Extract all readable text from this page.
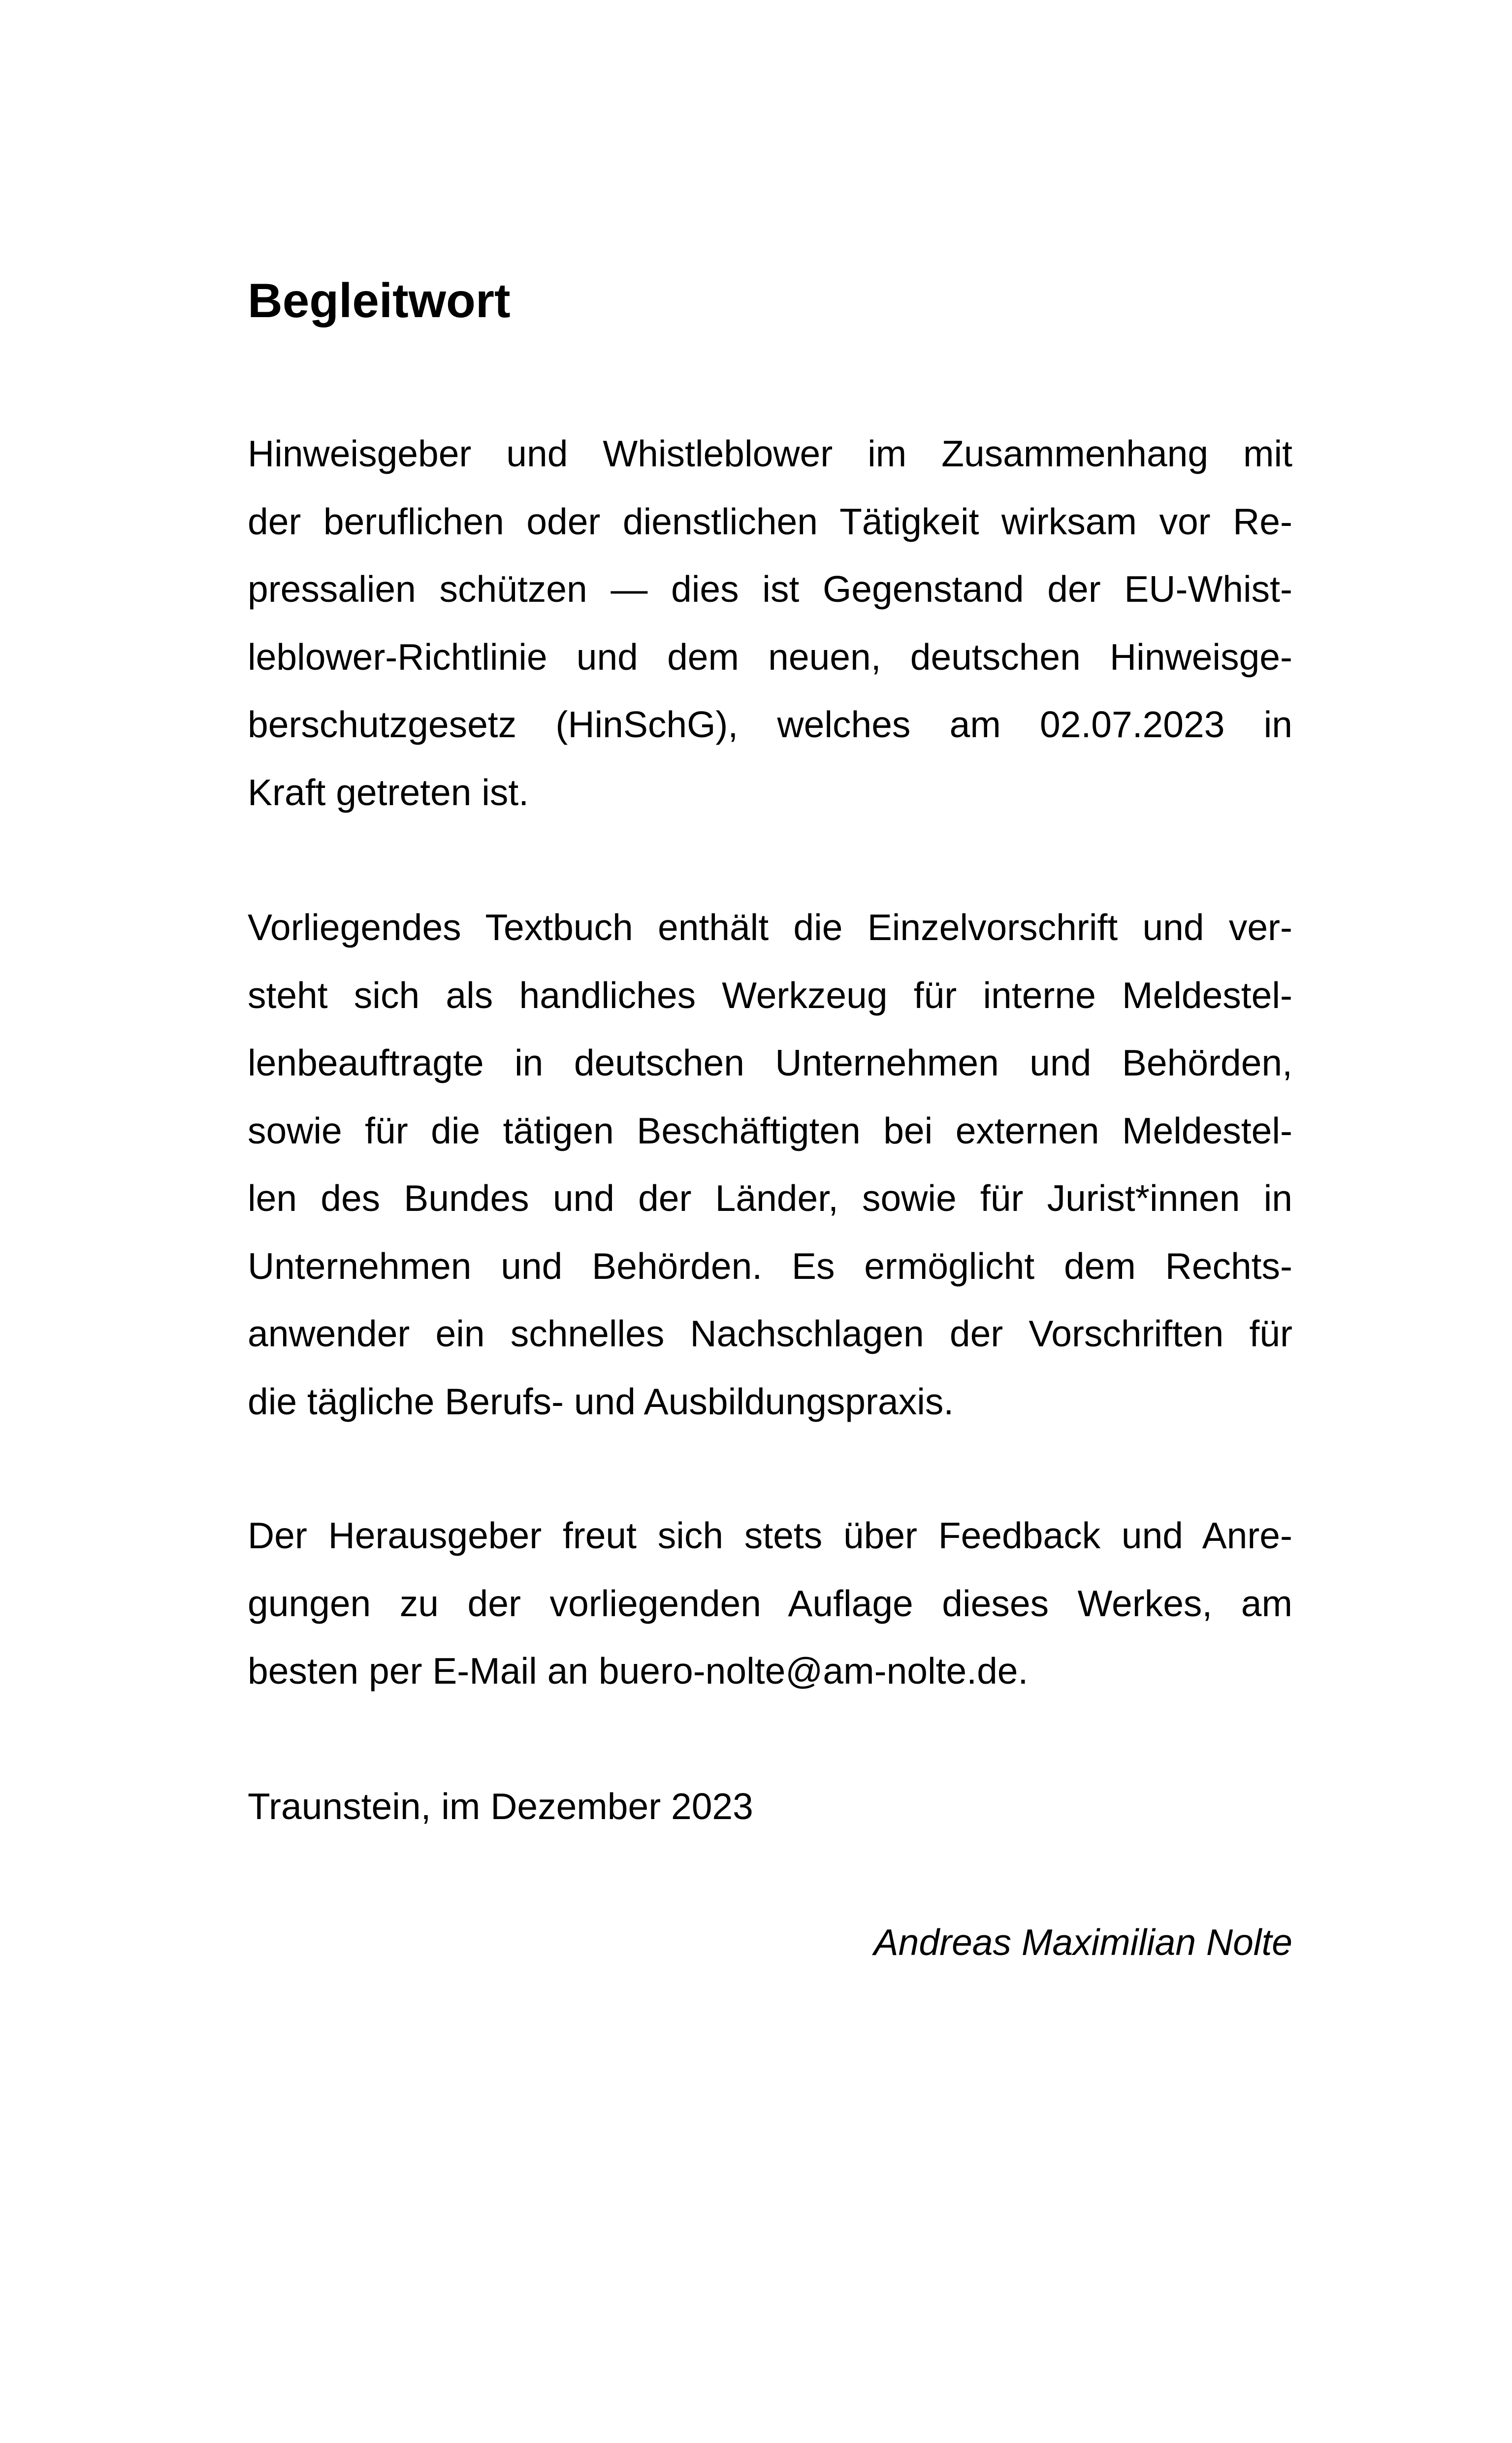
Begleitwort

Hinweisgeber und Whistleblower im Zusammenhang mit
der beruflichen oder dienstlichen Tätigkeit wirksam vor Re-
pressalien schützen — dies ist Gegenstand der EU-Whist-
leblower-Richtlinie und dem neuen, deutschen Hinweisge-
berschutzgesetz (HinSchG), welches am 02.07.2023 in
Kraft getreten ist.

Vorliegendes Textbuch enthält die Einzelvorschrift und ver-
steht sich als handliches Werkzeug für interne Meldestel-
lenbeauftragte in deutschen Unternehmen und Behörden,
sowie für die tätigen Beschäftigten bei externen Meldestel-
len des Bundes und der Länder, sowie für Jurist*innen in
Unternehmen und Behörden. Es ermöglicht dem Rechts-
anwender ein schnelles Nachschlagen der Vorschriften für
die tägliche Berufs- und Ausbildungspraxis.

Der Herausgeber freut sich stets über Feedback und Anre-
gungen zu der vorliegenden Auflage dieses Werkes, am
besten per E-Mail an buero-nolte@am-nolte.de.

Traunstein, im Dezember 2023

Andreas Maximilian Nolte
